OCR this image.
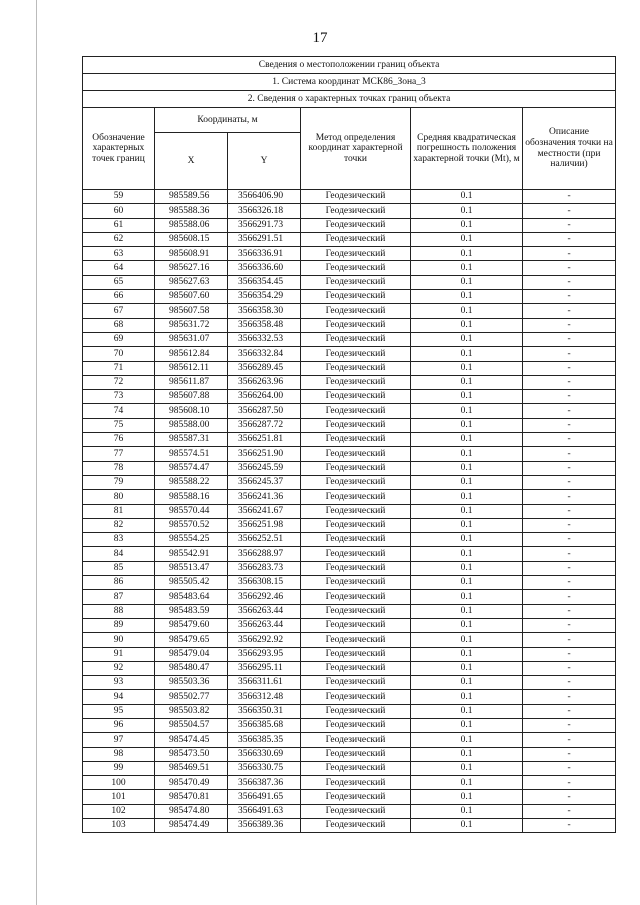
17
Сведения о местоположении границ объекта					
1. Система координат МСК86_Зона_3					
2. Сведения о характерных точках границ объекта					
Обозначение характерных точек границ	Координаты, м		Метод определения координат характерной точки	Средняя квадратическая погрешность положения характерной точки (Mt), м	Описание обозначения точки на местности (при наличии)
	X	Y			
59	985589.56	3566406.90	Геодезический	0.1	-
60	985588.36	3566326.18	Геодезический	0.1	-
61	985588.06	3566291.73	Геодезический	0.1	-
62	985608.15	3566291.51	Геодезический	0.1	-
63	985608.91	3566336.91	Геодезический	0.1	-
64	985627.16	3566336.60	Геодезический	0.1	-
65	985627.63	3566354.45	Геодезический	0.1	-
66	985607.60	3566354.29	Геодезический	0.1	-
67	985607.58	3566358.30	Геодезический	0.1	-
68	985631.72	3566358.48	Геодезический	0.1	-
69	985631.07	3566332.53	Геодезический	0.1	-
70	985612.84	3566332.84	Геодезический	0.1	-
71	985612.11	3566289.45	Геодезический	0.1	-
72	985611.87	3566263.96	Геодезический	0.1	-
73	985607.88	3566264.00	Геодезический	0.1	-
74	985608.10	3566287.50	Геодезический	0.1	-
75	985588.00	3566287.72	Геодезический	0.1	-
76	985587.31	3566251.81	Геодезический	0.1	-
77	985574.51	3566251.90	Геодезический	0.1	-
78	985574.47	3566245.59	Геодезический	0.1	-
79	985588.22	3566245.37	Геодезический	0.1	-
80	985588.16	3566241.36	Геодезический	0.1	-
81	985570.44	3566241.67	Геодезический	0.1	-
82	985570.52	3566251.98	Геодезический	0.1	-
83	985554.25	3566252.51	Геодезический	0.1	-
84	985542.91	3566288.97	Геодезический	0.1	-
85	985513.47	3566283.73	Геодезический	0.1	-
86	985505.42	3566308.15	Геодезический	0.1	-
87	985483.64	3566292.46	Геодезический	0.1	-
88	985483.59	3566263.44	Геодезический	0.1	-
89	985479.60	3566263.44	Геодезический	0.1	-
90	985479.65	3566292.92	Геодезический	0.1	-
91	985479.04	3566293.95	Геодезический	0.1	-
92	985480.47	3566295.11	Геодезический	0.1	-
93	985503.36	3566311.61	Геодезический	0.1	-
94	985502.77	3566312.48	Геодезический	0.1	-
95	985503.82	3566350.31	Геодезический	0.1	-
96	985504.57	3566385.68	Геодезический	0.1	-
97	985474.45	3566385.35	Геодезический	0.1	-
98	985473.50	3566330.69	Геодезический	0.1	-
99	985469.51	3566330.75	Геодезический	0.1	-
100	985470.49	3566387.36	Геодезический	0.1	-
101	985470.81	3566491.65	Геодезический	0.1	-
102	985474.80	3566491.63	Геодезический	0.1	-
103	985474.49	3566389.36	Геодезический	0.1	-
